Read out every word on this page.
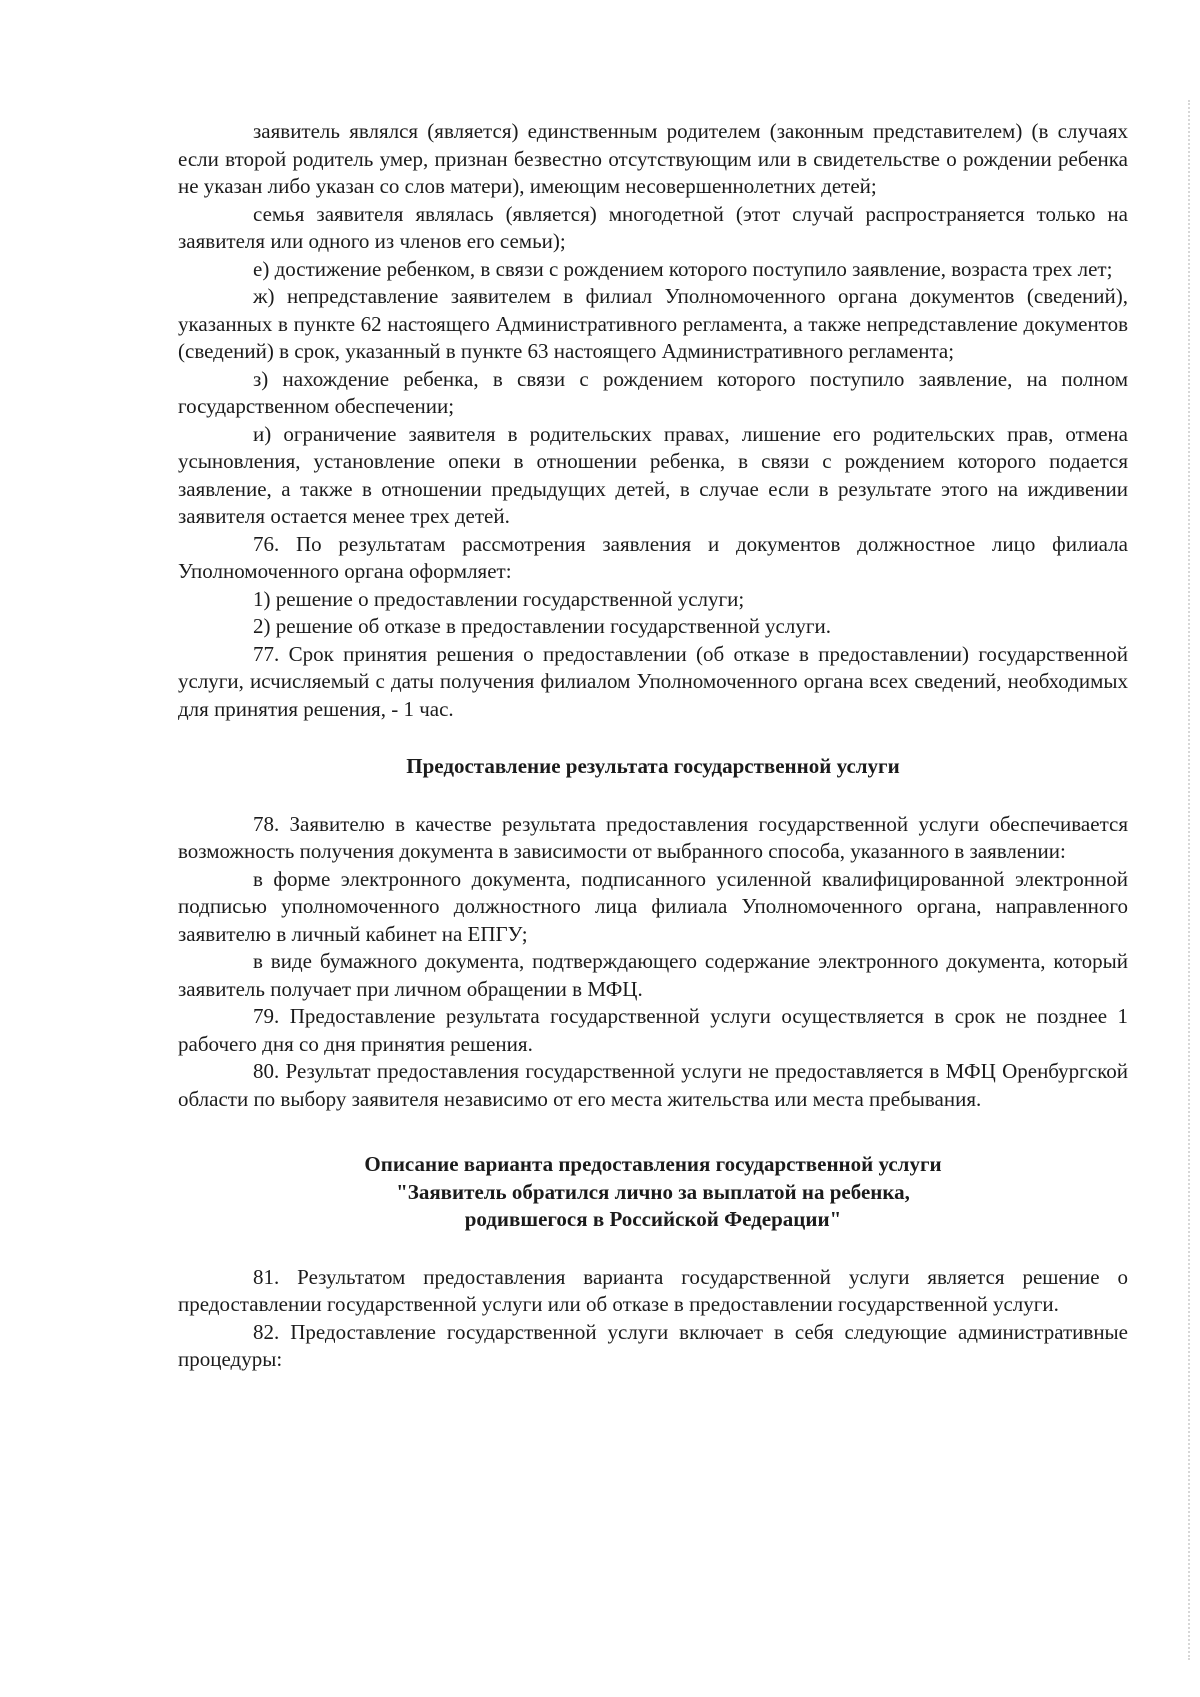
заявитель являлся (является) единственным родителем (законным представителем) (в случаях если второй родитель умер, признан безвестно отсутствующим или в свидетельстве о рождении ребенка не указан либо указан со слов матери), имеющим несовершеннолетних детей;

семья заявителя являлась (является) многодетной (этот случай распространяется только на заявителя или одного из членов его семьи);

е) достижение ребенком, в связи с рождением которого поступило заявление, возраста трех лет;

ж) непредставление заявителем в филиал Уполномоченного органа документов (сведений), указанных в пункте 62 настоящего Административного регламента, а также непредставление документов (сведений) в срок, указанный в пункте 63 настоящего Административного регламента;

з) нахождение ребенка, в связи с рождением которого поступило заявление, на полном государственном обеспечении;

и) ограничение заявителя в родительских правах, лишение его родительских прав, отмена усыновления, установление опеки в отношении ребенка, в связи с рождением которого подается заявление, а также в отношении предыдущих детей, в случае если в результате этого на иждивении заявителя остается менее трех детей.

76. По результатам рассмотрения заявления и документов должностное лицо филиала Уполномоченного органа оформляет:

1) решение о предоставлении государственной услуги;

2) решение об отказе в предоставлении государственной услуги.

77. Срок принятия решения о предоставлении (об отказе в предоставлении) государственной услуги, исчисляемый с даты получения филиалом Уполномоченного органа всех сведений, необходимых для принятия решения, - 1 час.

Предоставление результата государственной услуги

78. Заявителю в качестве результата предоставления государственной услуги обеспечивается возможность получения документа в зависимости от выбранного способа, указанного в заявлении:

в форме электронного документа, подписанного усиленной квалифицированной электронной подписью уполномоченного должностного лица филиала Уполномоченного органа, направленного заявителю в личный кабинет на ЕПГУ;

в виде бумажного документа, подтверждающего содержание электронного документа, который заявитель получает при личном обращении в МФЦ.

79. Предоставление результата государственной услуги осуществляется в срок не позднее 1 рабочего дня со дня принятия решения.

80. Результат предоставления государственной услуги не предоставляется в МФЦ Оренбургской области по выбору заявителя независимо от его места жительства или места пребывания.

Описание варианта предоставления государственной услуги
"Заявитель обратился лично за выплатой на ребенка,
родившегося в Российской Федерации"

81. Результатом предоставления варианта государственной услуги является решение о предоставлении государственной услуги или об отказе в предоставлении государственной услуги.

82. Предоставление государственной услуги включает в себя следующие административные процедуры:
